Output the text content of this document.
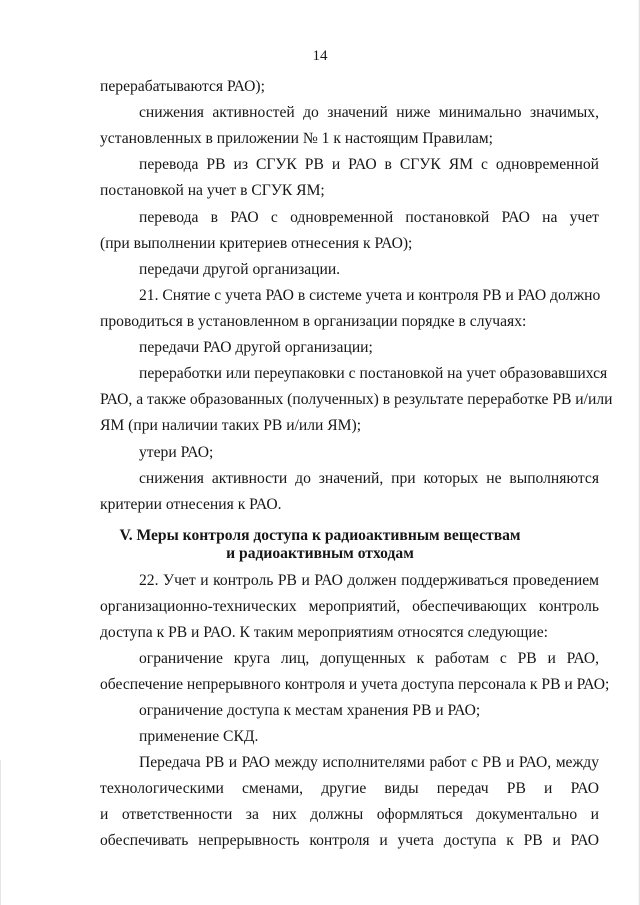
14
перерабатываются РАО);
снижения активностей до значений ниже минимально значимых,
установленных в приложении № 1 к настоящим Правилам;
перевода РВ из СГУК РВ и РАО в СГУК ЯМ с одновременной
постановкой на учет в СГУК ЯМ;
перевода в РАО с одновременной постановкой РАО на учет
(при выполнении критериев отнесения к РАО);
передачи другой организации.
21. Снятие с учета РАО в системе учета и контроля РВ и РАО должно
проводиться в установленном в организации порядке в случаях:
передачи РАО другой организации;
переработки или переупаковки с постановкой на учет образовавшихся
РАО, а также образованных (полученных) в результате переработке РВ и/или
ЯМ (при наличии таких РВ и/или ЯМ);
утери РАО;
снижения активности до значений, при которых не выполняются
критерии отнесения к РАО.
V. Меры контроля доступа к радиоактивным веществам
и радиоактивным отходам
22. Учет и контроль РВ и РАО должен поддерживаться проведением
организационно-технических мероприятий, обеспечивающих контроль
доступа к РВ и РАО. К таким мероприятиям относятся следующие:
ограничение круга лиц, допущенных к работам с РВ и РАО,
обеспечение непрерывного контроля и учета доступа персонала к РВ и РАО;
ограничение доступа к местам хранения РВ и РАО;
применение СКД.
Передача РВ и РАО между исполнителями работ с РВ и РАО, между
технологическими сменами, другие виды передач РВ и РАО
и ответственности за них должны оформляться документально и
обеспечивать непрерывность контроля и учета доступа к РВ и РАО
